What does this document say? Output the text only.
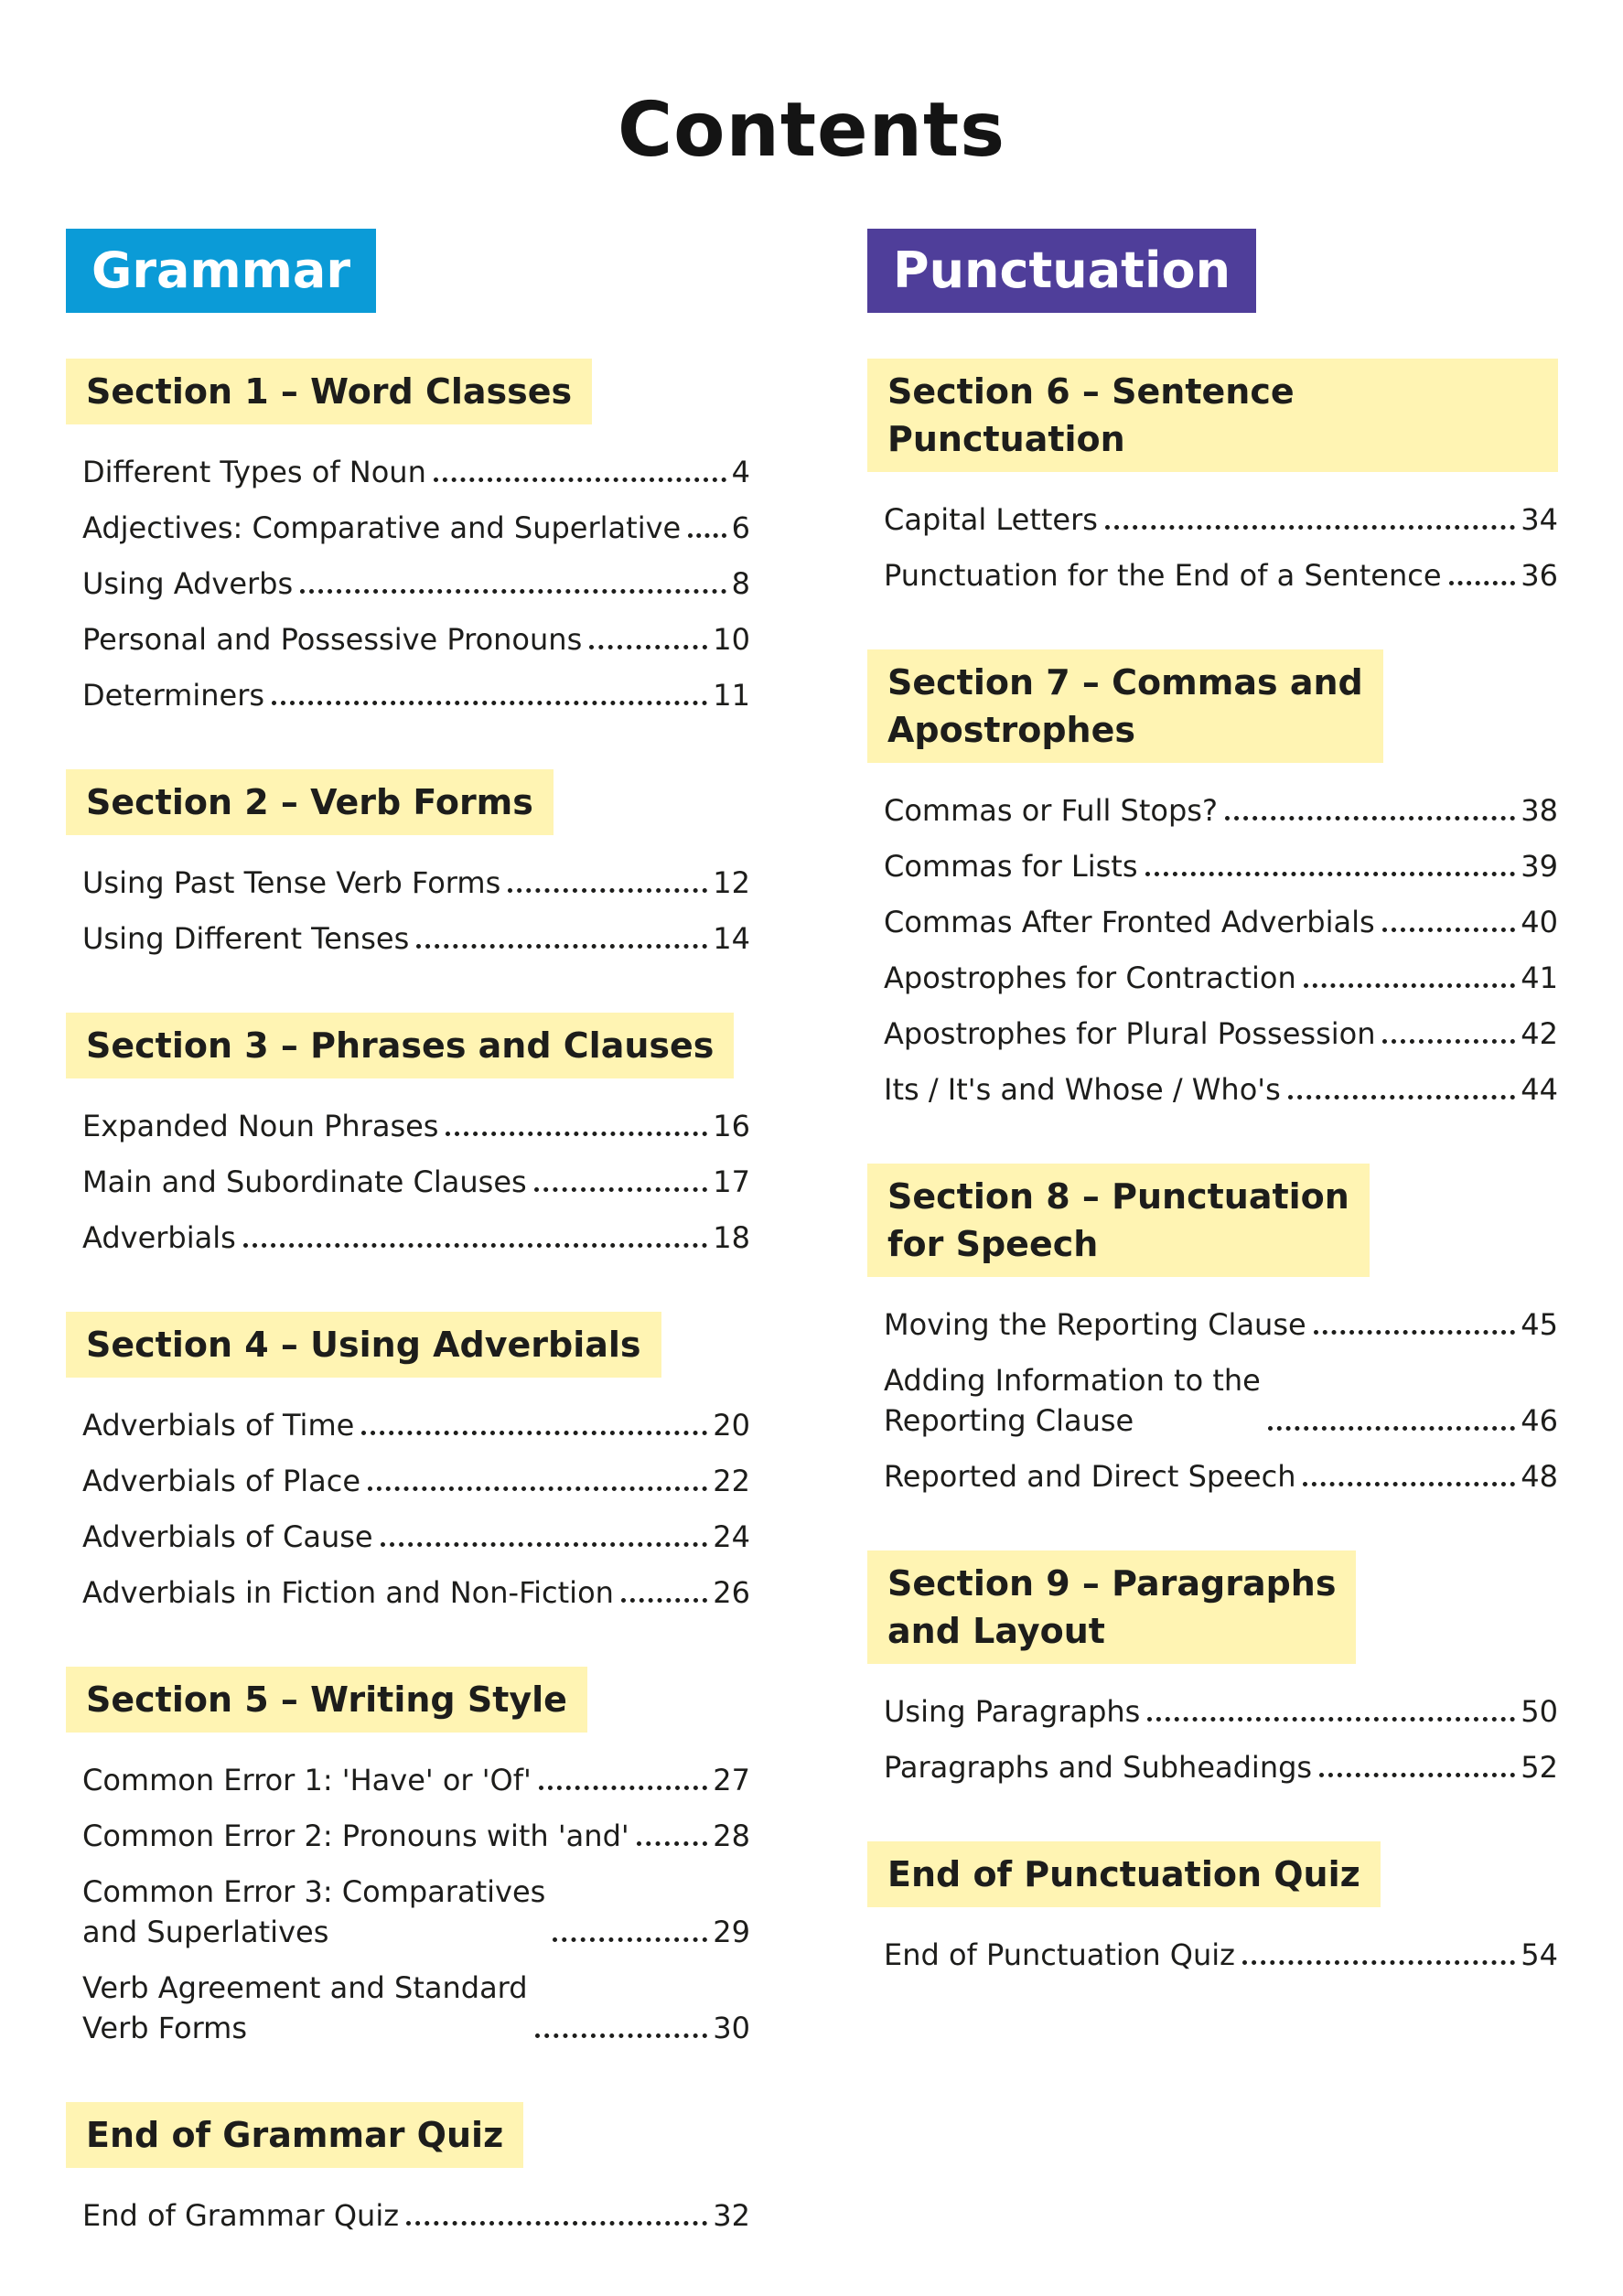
Contents
Grammar
Section 1 – Word Classes
Different Types of Noun	4
Adjectives: Comparative and Superlative 6
Using Adverbs	8
Personal and Possessive Pronouns	10
Determiners	11
Section 2 – Verb Forms
Using Past Tense Verb Forms	12
Using Different Tenses	14
Section 3 – Phrases and Clauses
Expanded Noun Phrases	16
Main and Subordinate Clauses	17
Adverbials	18
Section 4 – Using Adverbials
Adverbials of Time	20
Adverbials of Place	22
Adverbials of Cause	24
Adverbials in Fiction and Non-Fiction	26
Section 5 – Writing Style
Common Error 1: 'Have' or 'Of'	27
Common Error 2: Pronouns with 'and'	28
Common Error 3: Comparatives
and Superlatives	29
Verb Agreement and Standard
Verb Forms	30
End of Grammar Quiz
End of Grammar Quiz	32
Punctuation
Section 6 – Sentence Punctuation
Capital Letters	34
Punctuation for the End of a Sentence	36
Section 7 – Commas and
Apostrophes
Commas or Full Stops?	38
Commas for Lists	39
Commas After Fronted Adverbials	40
Apostrophes for Contraction	41
Apostrophes for Plural Possession	42
Its / It's and Whose / Who's	44
Section 8 – Punctuation
for Speech
Moving the Reporting Clause	45
Adding Information to the
Reporting Clause	46
Reported and Direct Speech	48
Section 9 – Paragraphs
and Layout
Using Paragraphs	50
Paragraphs and Subheadings	52
End of Punctuation Quiz
End of Punctuation Quiz	54
